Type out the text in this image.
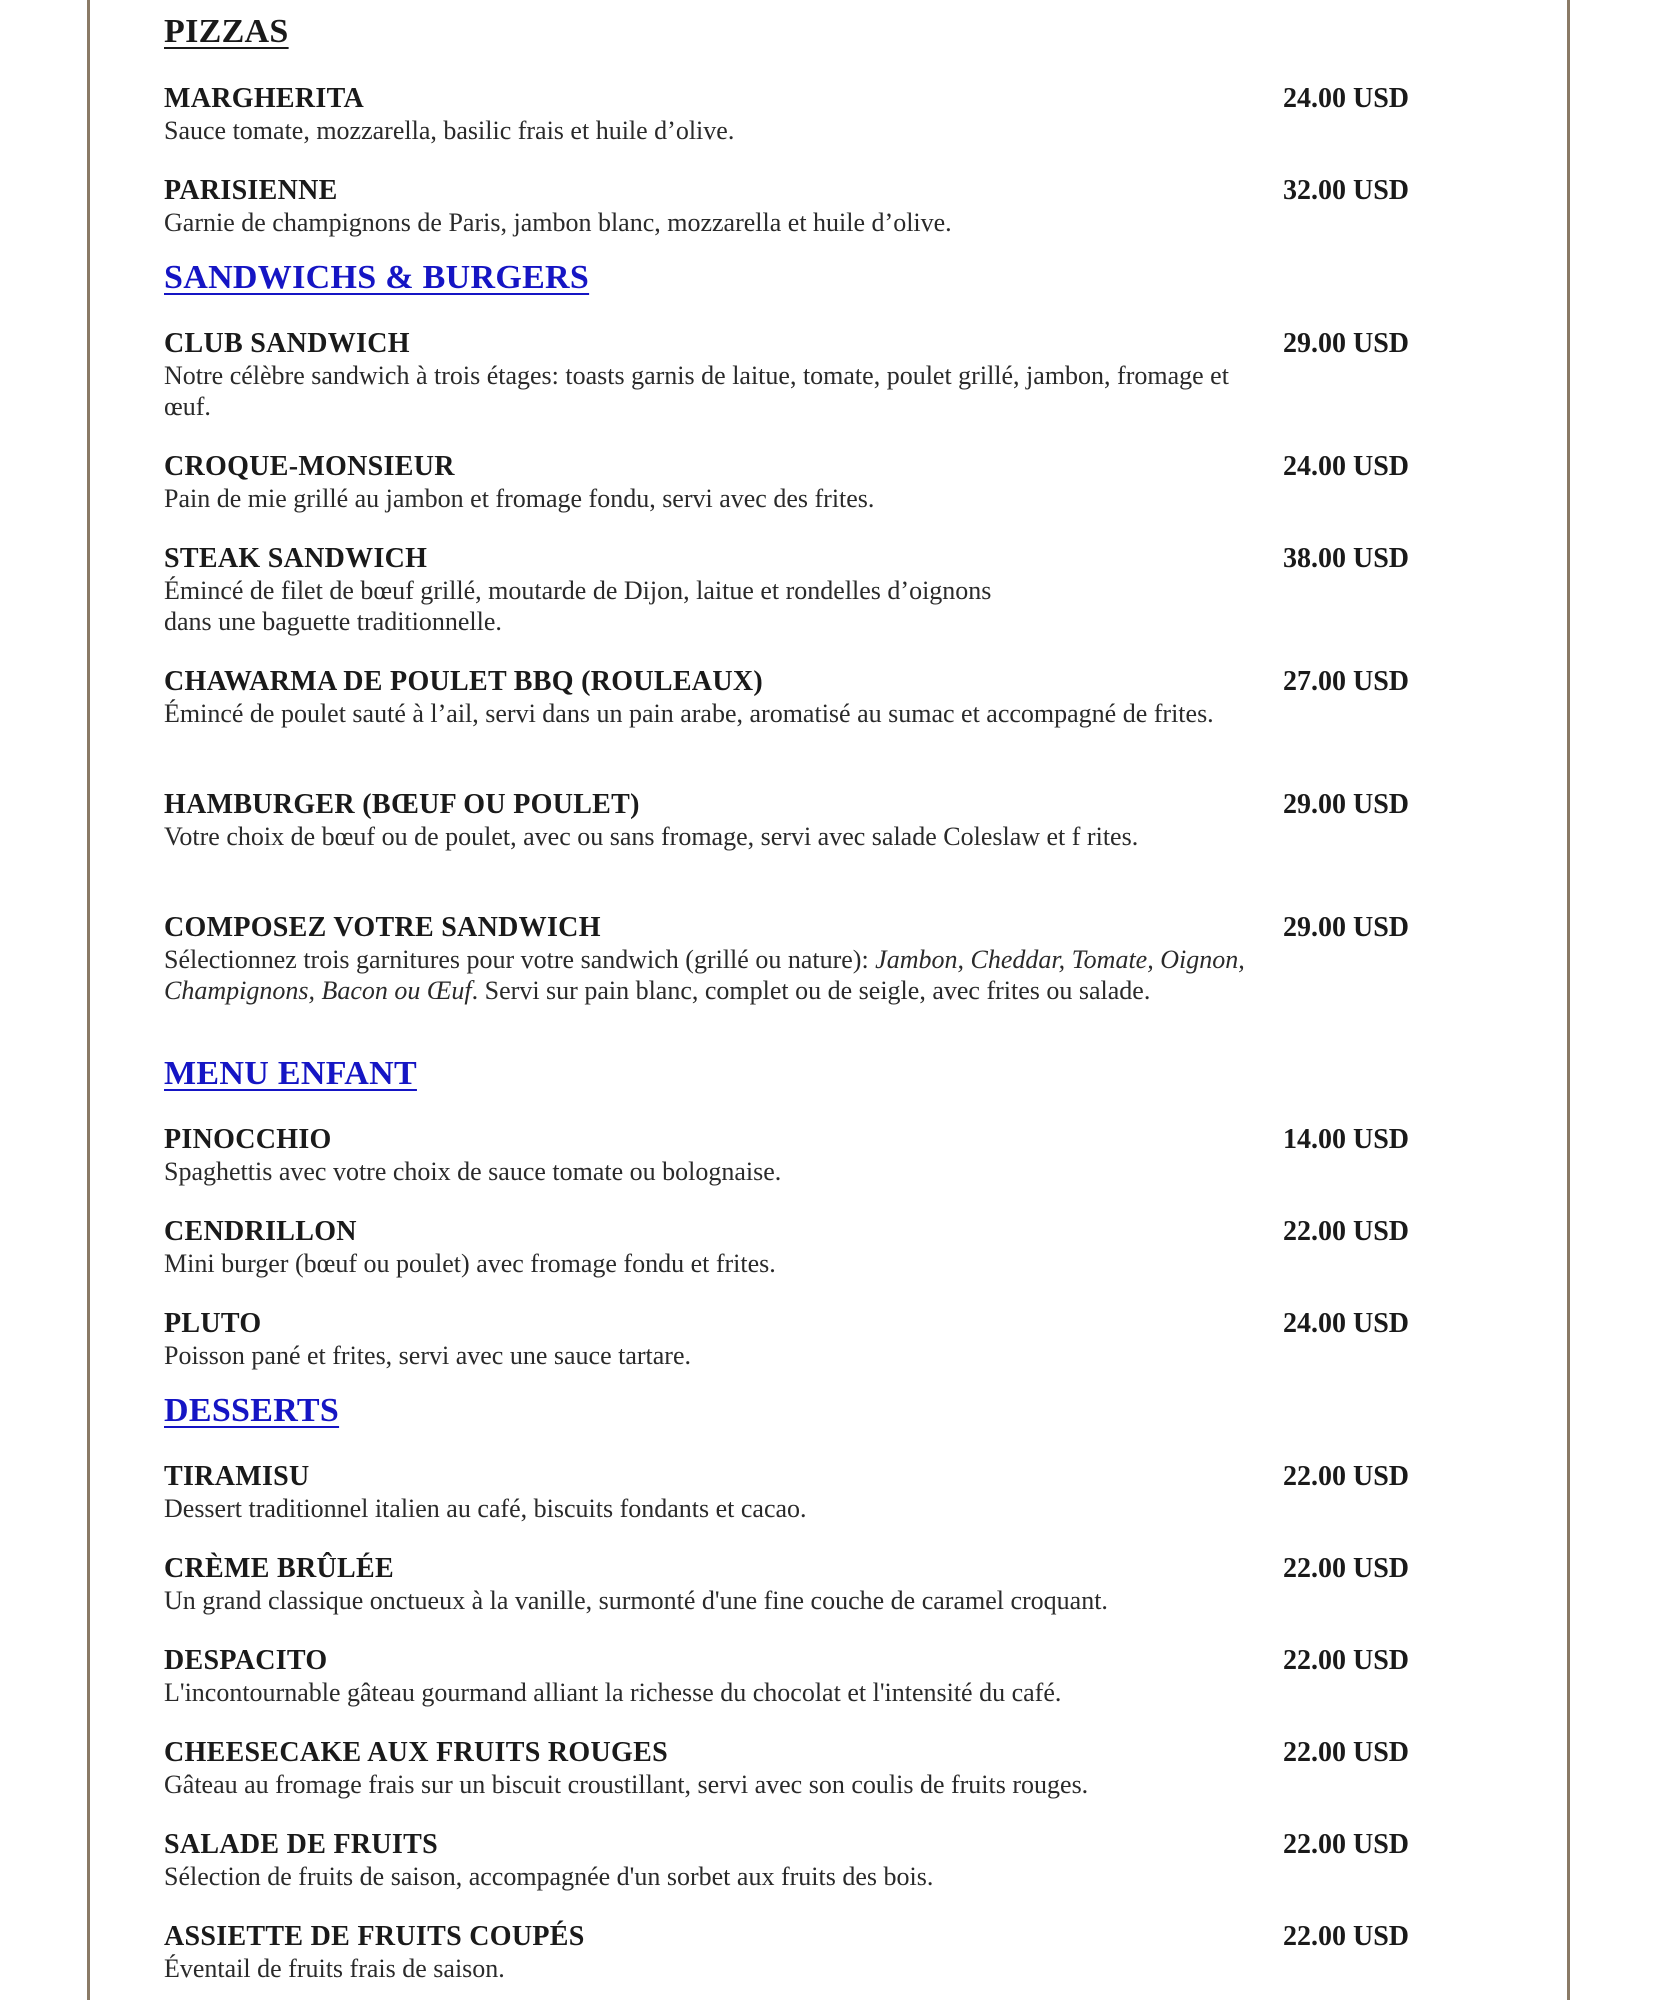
PIZZAS
MARGHERITA	24.00 USD
Sauce tomate, mozzarella, basilic frais et huile d’olive.
PARISIENNE	32.00 USD
Garnie de champignons de Paris, jambon blanc, mozzarella et huile d’olive.
SANDWICHS & BURGERS
CLUB SANDWICH	29.00 USD
Notre célèbre sandwich à trois étages: toasts garnis de laitue, tomate, poulet grillé, jambon, fromage et œuf.
CROQUE-MONSIEUR	24.00 USD
Pain de mie grillé au jambon et fromage fondu, servi avec des frites.
STEAK SANDWICH	38.00 USD
Émincé de filet de bœuf grillé, moutarde de Dijon, laitue et rondelles d’oignons
dans une baguette traditionnelle.
CHAWARMA DE POULET BBQ (ROULEAUX)	27.00 USD
Émincé de poulet sauté à l’ail, servi dans un pain arabe, aromatisé au sumac et accompagné de frites.
HAMBURGER (BŒUF OU POULET)	29.00 USD
Votre choix de bœuf ou de poulet, avec ou sans fromage, servi avec salade Coleslaw et f rites.
COMPOSEZ VOTRE SANDWICH	29.00 USD
Sélectionnez trois garnitures pour votre sandwich (grillé ou nature): Jambon, Cheddar, Tomate, Oignon, Champignons, Bacon ou Œuf. Servi sur pain blanc, complet ou de seigle, avec frites ou salade.
MENU ENFANT
PINOCCHIO	14.00 USD
Spaghettis avec votre choix de sauce tomate ou bolognaise.
CENDRILLON	22.00 USD
Mini burger (bœuf ou poulet) avec fromage fondu et frites.
PLUTO	24.00 USD
Poisson pané et frites, servi avec une sauce tartare.
DESSERTS
TIRAMISU	22.00 USD
Dessert traditionnel italien au café, biscuits fondants et cacao.
CRÈME BRÛLÉE	22.00 USD
Un grand classique onctueux à la vanille, surmonté d'une fine couche de caramel croquant.
DESPACITO	22.00 USD
L'incontournable gâteau gourmand alliant la richesse du chocolat et l'intensité du café.
CHEESECAKE AUX FRUITS ROUGES	22.00 USD
Gâteau au fromage frais sur un biscuit croustillant, servi avec son coulis de fruits rouges.
SALADE DE FRUITS	22.00 USD
Sélection de fruits de saison, accompagnée d'un sorbet aux fruits des bois.
ASSIETTE DE FRUITS COUPÉS	22.00 USD
Éventail de fruits frais de saison.
